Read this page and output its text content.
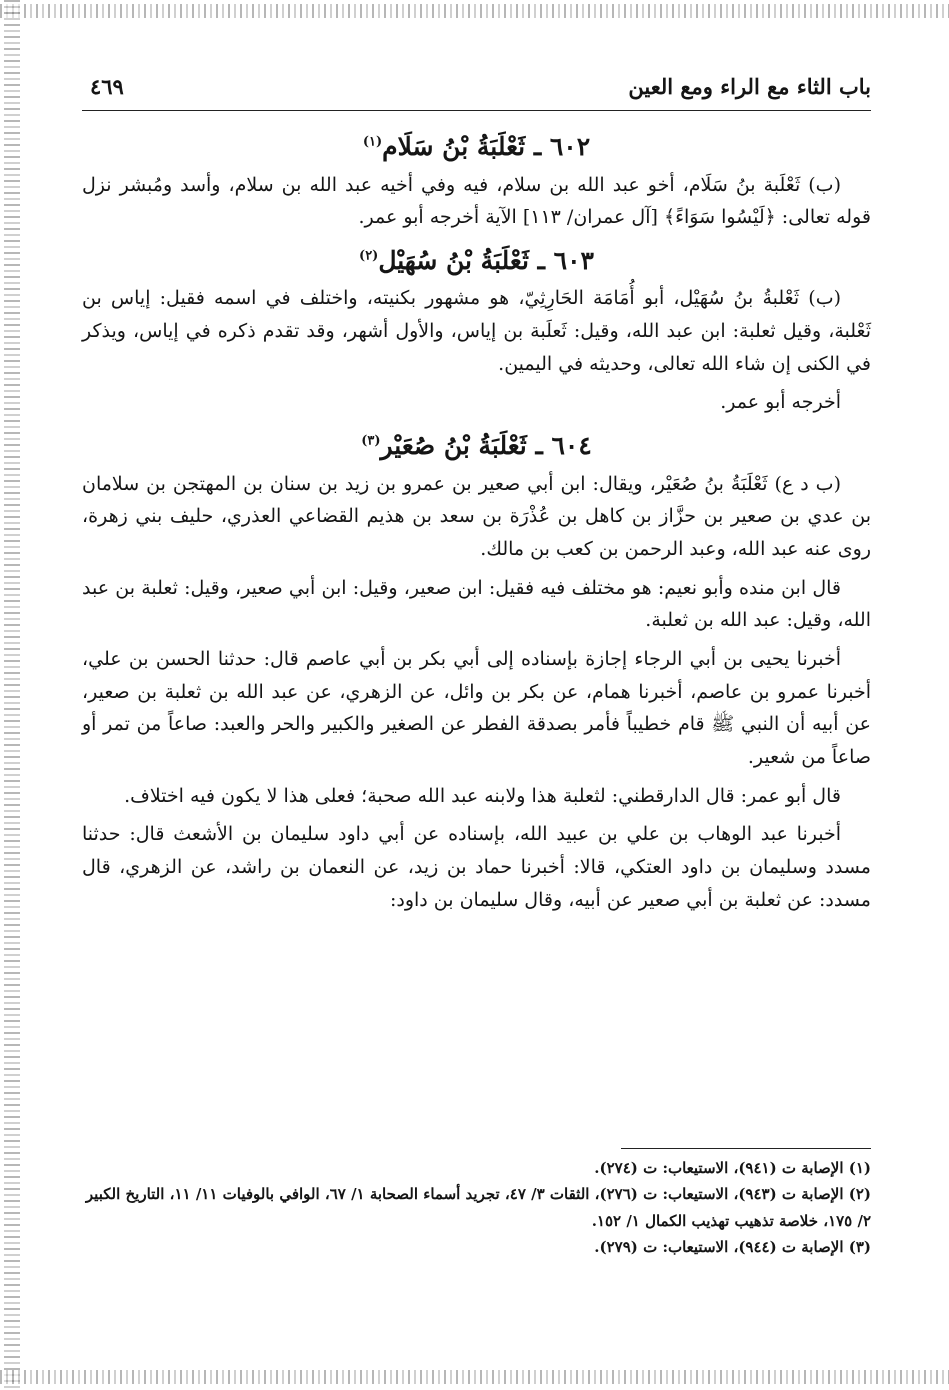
باب الثاء مع الراء ومع العين
٤٦٩
٦٠٢ ـ ثَعْلَبَةُ بْنُ سَلَام$^{(١)}$

(ب) ثَعْلَبة بنُ سَلَام، أخو عبد الله بن سلام، فيه وفي أخيه عبد الله بن سلام، وأسد ومُبشر نزل قوله تعالى: ﴿لَيْسُوا سَوَاءً﴾ [آل عمران/ ١١٣] الآية أخرجه أبو عمر.

٦٠٣ ـ ثَعْلَبَةُ بْنُ سُهَيْل$^{(٢)}$

(ب) ثَعْلبةُ بنُ سُهَيْل، أبو أُمَامَة الحَارِثِيّ، هو مشهور بكنيته، واختلف في اسمه فقيل: إياس بن ثَعْلبة، وقيل ثعلبة: ابن عبد الله، وقيل: ثَعلَبة بن إياس، والأول أشهر، وقد تقدم ذكره في إياس، ويذكر في الكنى إن شاء الله تعالى، وحديثه في اليمين.

أخرجه أبو عمر.

٦٠٤ ـ ثَعْلَبَةُ بْنُ صُعَيْر$^{(٣)}$

(ب د ع) ثَعْلَبَةُ بنُ صُعَيْر، ويقال: ابن أبي صعير بن عمرو بن زيد بن سنان بن المهتجن بن سلامان بن عدي بن صعير بن حزَّاز بن كاهل بن عُذْرَة بن سعد بن هذيم القضاعي العذري، حليف بني زهرة، روى عنه عبد الله، وعبد الرحمن بن كعب بن مالك.

قال ابن منده وأبو نعيم: هو مختلف فيه فقيل: ابن صعير، وقيل: ابن أبي صعير، وقيل: ثعلبة بن عبد الله، وقيل: عبد الله بن ثعلبة.

أخبرنا يحيى بن أبي الرجاء إجازة بإسناده إلى أبي بكر بن أبي عاصم قال: حدثنا الحسن بن علي، أخبرنا عمرو بن عاصم، أخبرنا همام، عن بكر بن وائل، عن الزهري، عن عبد الله بن ثعلبة بن صعير، عن أبيه أن النبي ﷺ قام خطيباً فأمر بصدقة الفطر عن الصغير والكبير والحر والعبد: صاعاً من تمر أو صاعاً من شعير.

قال أبو عمر: قال الدارقطني: لثعلبة هذا ولابنه عبد الله صحبة؛ فعلى هذا لا يكون فيه اختلاف.

أخبرنا عبد الوهاب بن علي بن عبيد الله، بإسناده عن أبي داود سليمان بن الأشعث قال: حدثنا مسدد وسليمان بن داود العتكي، قالا: أخبرنا حماد بن زيد، عن النعمان بن راشد، عن الزهري، قال مسدد: عن ثعلبة بن أبي صعير عن أبيه، وقال سليمان بن داود:

(١) الإصابة ت (٩٤١)، الاستيعاب: ت (٢٧٤).

(٢) الإصابة ت (٩٤٣)، الاستيعاب: ت (٢٧٦)، الثقات ٣/ ٤٧، تجريد أسماء الصحابة ١/ ٦٧، الوافي بالوفيات ١١/ ١١، التاريخ الكبير ٢/ ١٧٥، خلاصة تذهيب تهذيب الكمال ١/ ١٥٢.

(٣) الإصابة ت (٩٤٤)، الاستيعاب: ت (٢٧٩).
